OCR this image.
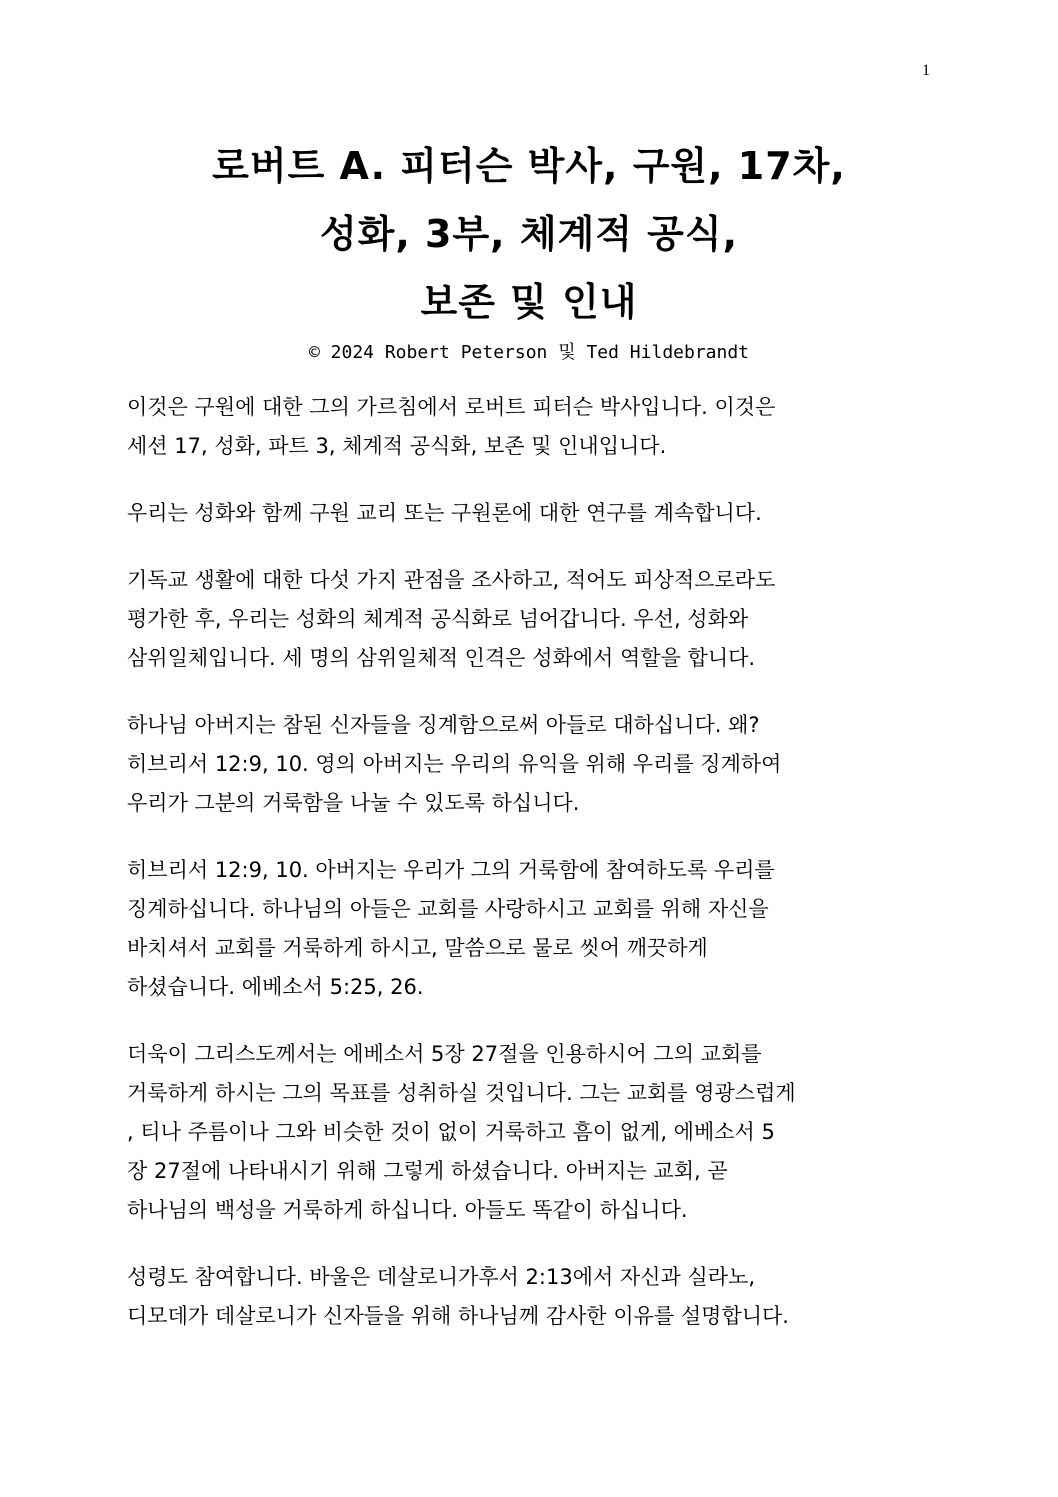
1
로버트 A. 피터슨 박사, 구원, 17차,
성화, 3부, 체계적 공식,
보존 및 인내
© 2024 Robert Peterson 및 Ted Hildebrandt

이것은 구원에 대한 그의 가르침에서 로버트 피터슨 박사입니다. 이것은
세션 17, 성화, 파트 3, 체계적 공식화, 보존 및 인내입니다.

우리는 성화와 함께 구원 교리 또는 구원론에 대한 연구를 계속합니다.

기독교 생활에 대한 다섯 가지 관점을 조사하고, 적어도 피상적으로라도
평가한 후, 우리는 성화의 체계적 공식화로 넘어갑니다. 우선, 성화와
삼위일체입니다. 세 명의 삼위일체적 인격은 성화에서 역할을 합니다.

하나님 아버지는 참된 신자들을 징계함으로써 아들로 대하십니다. 왜?
히브리서 12:9, 10. 영의 아버지는 우리의 유익을 위해 우리를 징계하여
우리가 그분의 거룩함을 나눌 수 있도록 하십니다.

히브리서 12:9, 10. 아버지는 우리가 그의 거룩함에 참여하도록 우리를
징계하십니다. 하나님의 아들은 교회를 사랑하시고 교회를 위해 자신을
바치셔서 교회를 거룩하게 하시고, 말씀으로 물로 씻어 깨끗하게
하셨습니다. 에베소서 5:25, 26.

더욱이 그리스도께서는 에베소서 5장 27절을 인용하시어 그의 교회를
거룩하게 하시는 그의 목표를 성취하실 것입니다. 그는 교회를 영광스럽게
, 티나 주름이나 그와 비슷한 것이 없이 거룩하고 흠이 없게, 에베소서 5
장 27절에 나타내시기 위해 그렇게 하셨습니다. 아버지는 교회, 곧
하나님의 백성을 거룩하게 하십니다. 아들도 똑같이 하십니다.

성령도 참여합니다. 바울은 데살로니가후서 2:13에서 자신과 실라노,
디모데가 데살로니가 신자들을 위해 하나님께 감사한 이유를 설명합니다.
